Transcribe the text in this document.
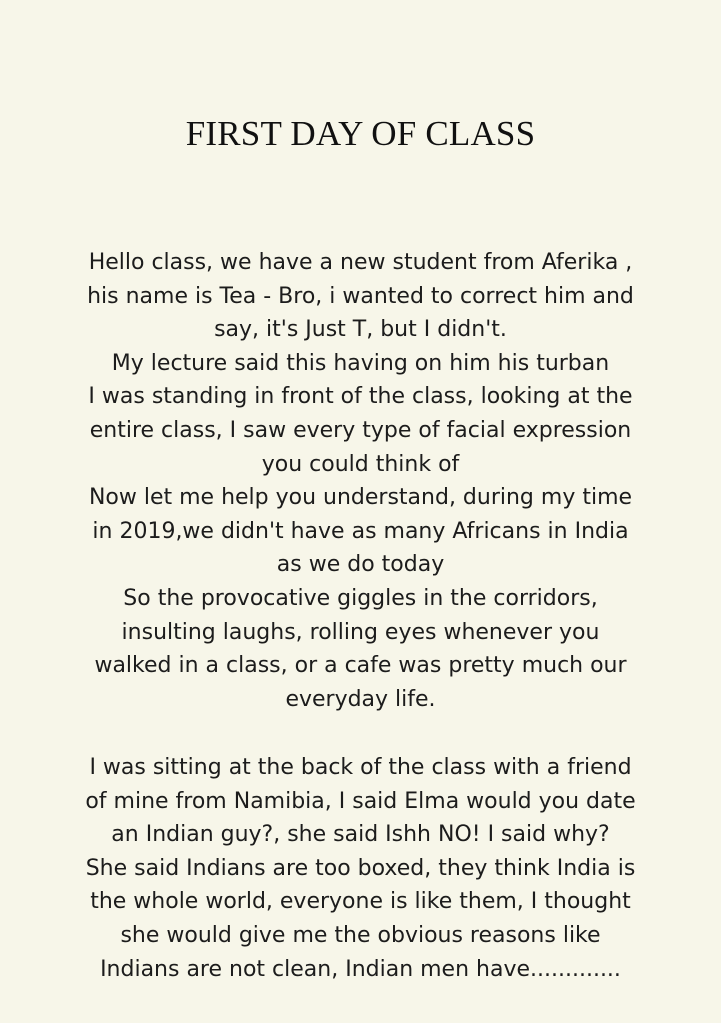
FIRST DAY OF CLASS

Hello class, we have a new student from Aferika ,
his name is Tea - Bro, i wanted to correct him and
say, it's Just T, but I didn't.
My lecture said this having on him his turban
I was standing in front of the class, looking at the
entire class, I saw every type of facial expression
you could think of
Now let me help you understand, during my time
in 2019,we didn't have as many Africans in India
as we do today
So the provocative giggles in the corridors,
insulting laughs, rolling eyes whenever you
walked in a class, or a cafe was pretty much our
everyday life.

I was sitting at the back of the class with a friend
of mine from Namibia, I said Elma would you date
an Indian guy?, she said Ishh NO! I said why?
She said Indians are too boxed, they think India is
the whole world, everyone is like them, I thought
she would give me the obvious reasons like
Indians are not clean, Indian men have.............
